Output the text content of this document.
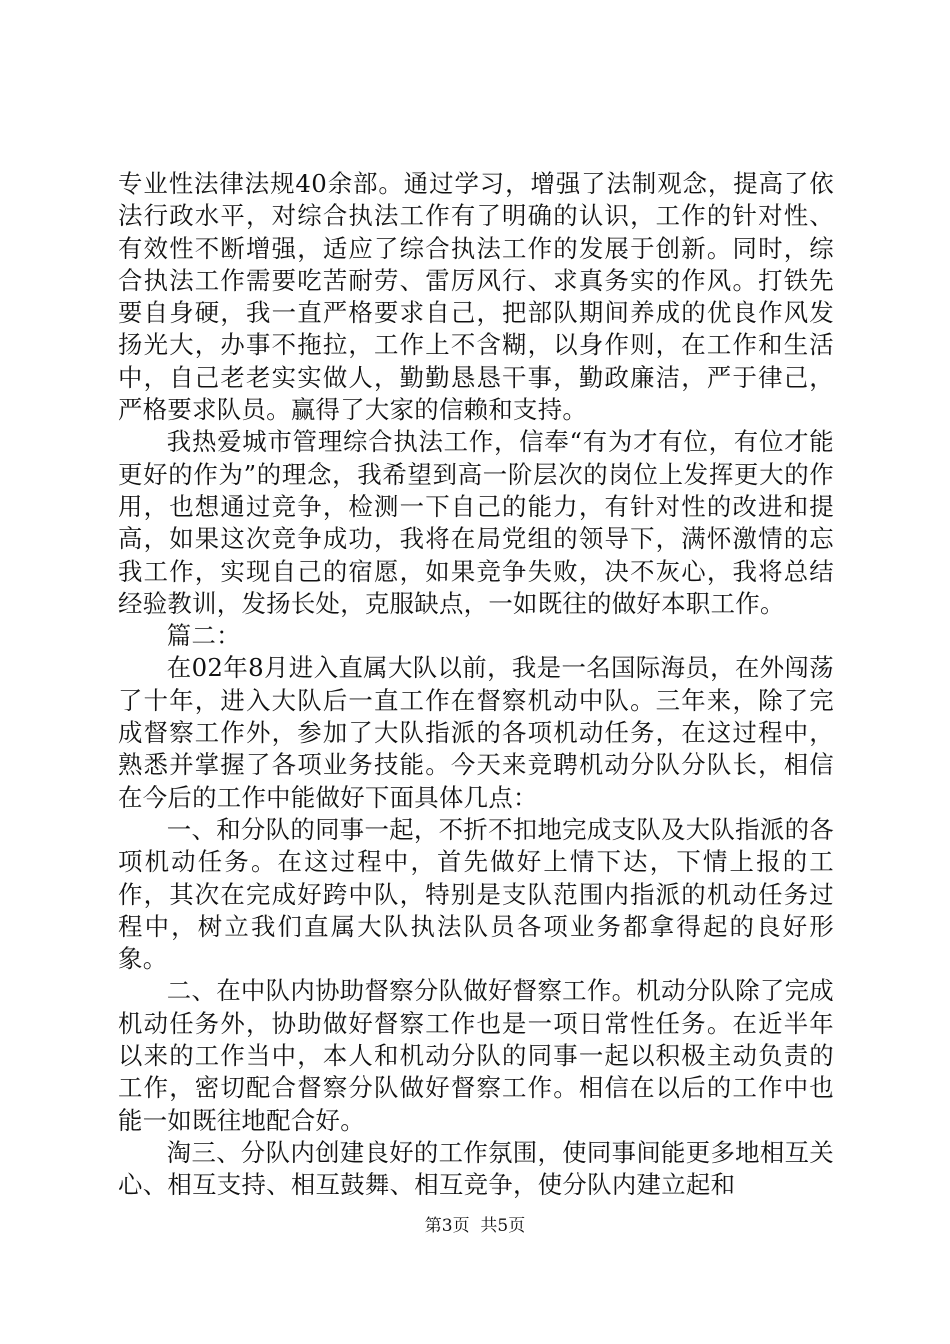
专业性法律法规40余部。通过学习，增强了法制观念，提高了依法行政水平，对综合执法工作有了明确的认识，工作的针对性、有效性不断增强，适应了综合执法工作的发展于创新。同时，综合执法工作需要吃苦耐劳、雷厉风行、求真务实的作风。打铁先要自身硬，我一直严格要求自己，把部队期间养成的优良作风发扬光大，办事不拖拉，工作上不含糊，以身作则，在工作和生活中，自己老老实实做人，勤勤恳恳干事，勤政廉洁，严于律己，严格要求队员。赢得了大家的信赖和支持。

我热爱城市管理综合执法工作，信奉“有为才有位，有位才能更好的作为”的理念，我希望到高一阶层次的岗位上发挥更大的作用，也想通过竞争，检测一下自己的能力，有针对性的改进和提高，如果这次竞争成功，我将在局党组的领导下，满怀激情的忘我工作，实现自己的宿愿，如果竞争失败，决不灰心，我将总结经验教训，发扬长处，克服缺点，一如既往的做好本职工作。

篇二：

在02年8月进入直属大队以前，我是一名国际海员，在外闯荡了十年，进入大队后一直工作在督察机动中队。三年来，除了完成督察工作外，参加了大队指派的各项机动任务，在这过程中，熟悉并掌握了各项业务技能。今天来竞聘机动分队分队长，相信在今后的工作中能做好下面具体几点：

一、和分队的同事一起，不折不扣地完成支队及大队指派的各项机动任务。在这过程中，首先做好上情下达，下情上报的工作，其次在完成好跨中队，特别是支队范围内指派的机动任务过程中，树立我们直属大队执法队员各项业务都拿得起的良好形象。

二、在中队内协助督察分队做好督察工作。机动分队除了完成机动任务外，协助做好督察工作也是一项日常性任务。在近半年以来的工作当中，本人和机动分队的同事一起以积极主动负责的工作，密切配合督察分队做好督察工作。相信在以后的工作中也能一如既往地配合好。

淘三、分队内创建良好的工作氛围，使同事间能更多地相互关心、相互支持、相互鼓舞、相互竞争，使分队内建立起和

第3页  共5页
